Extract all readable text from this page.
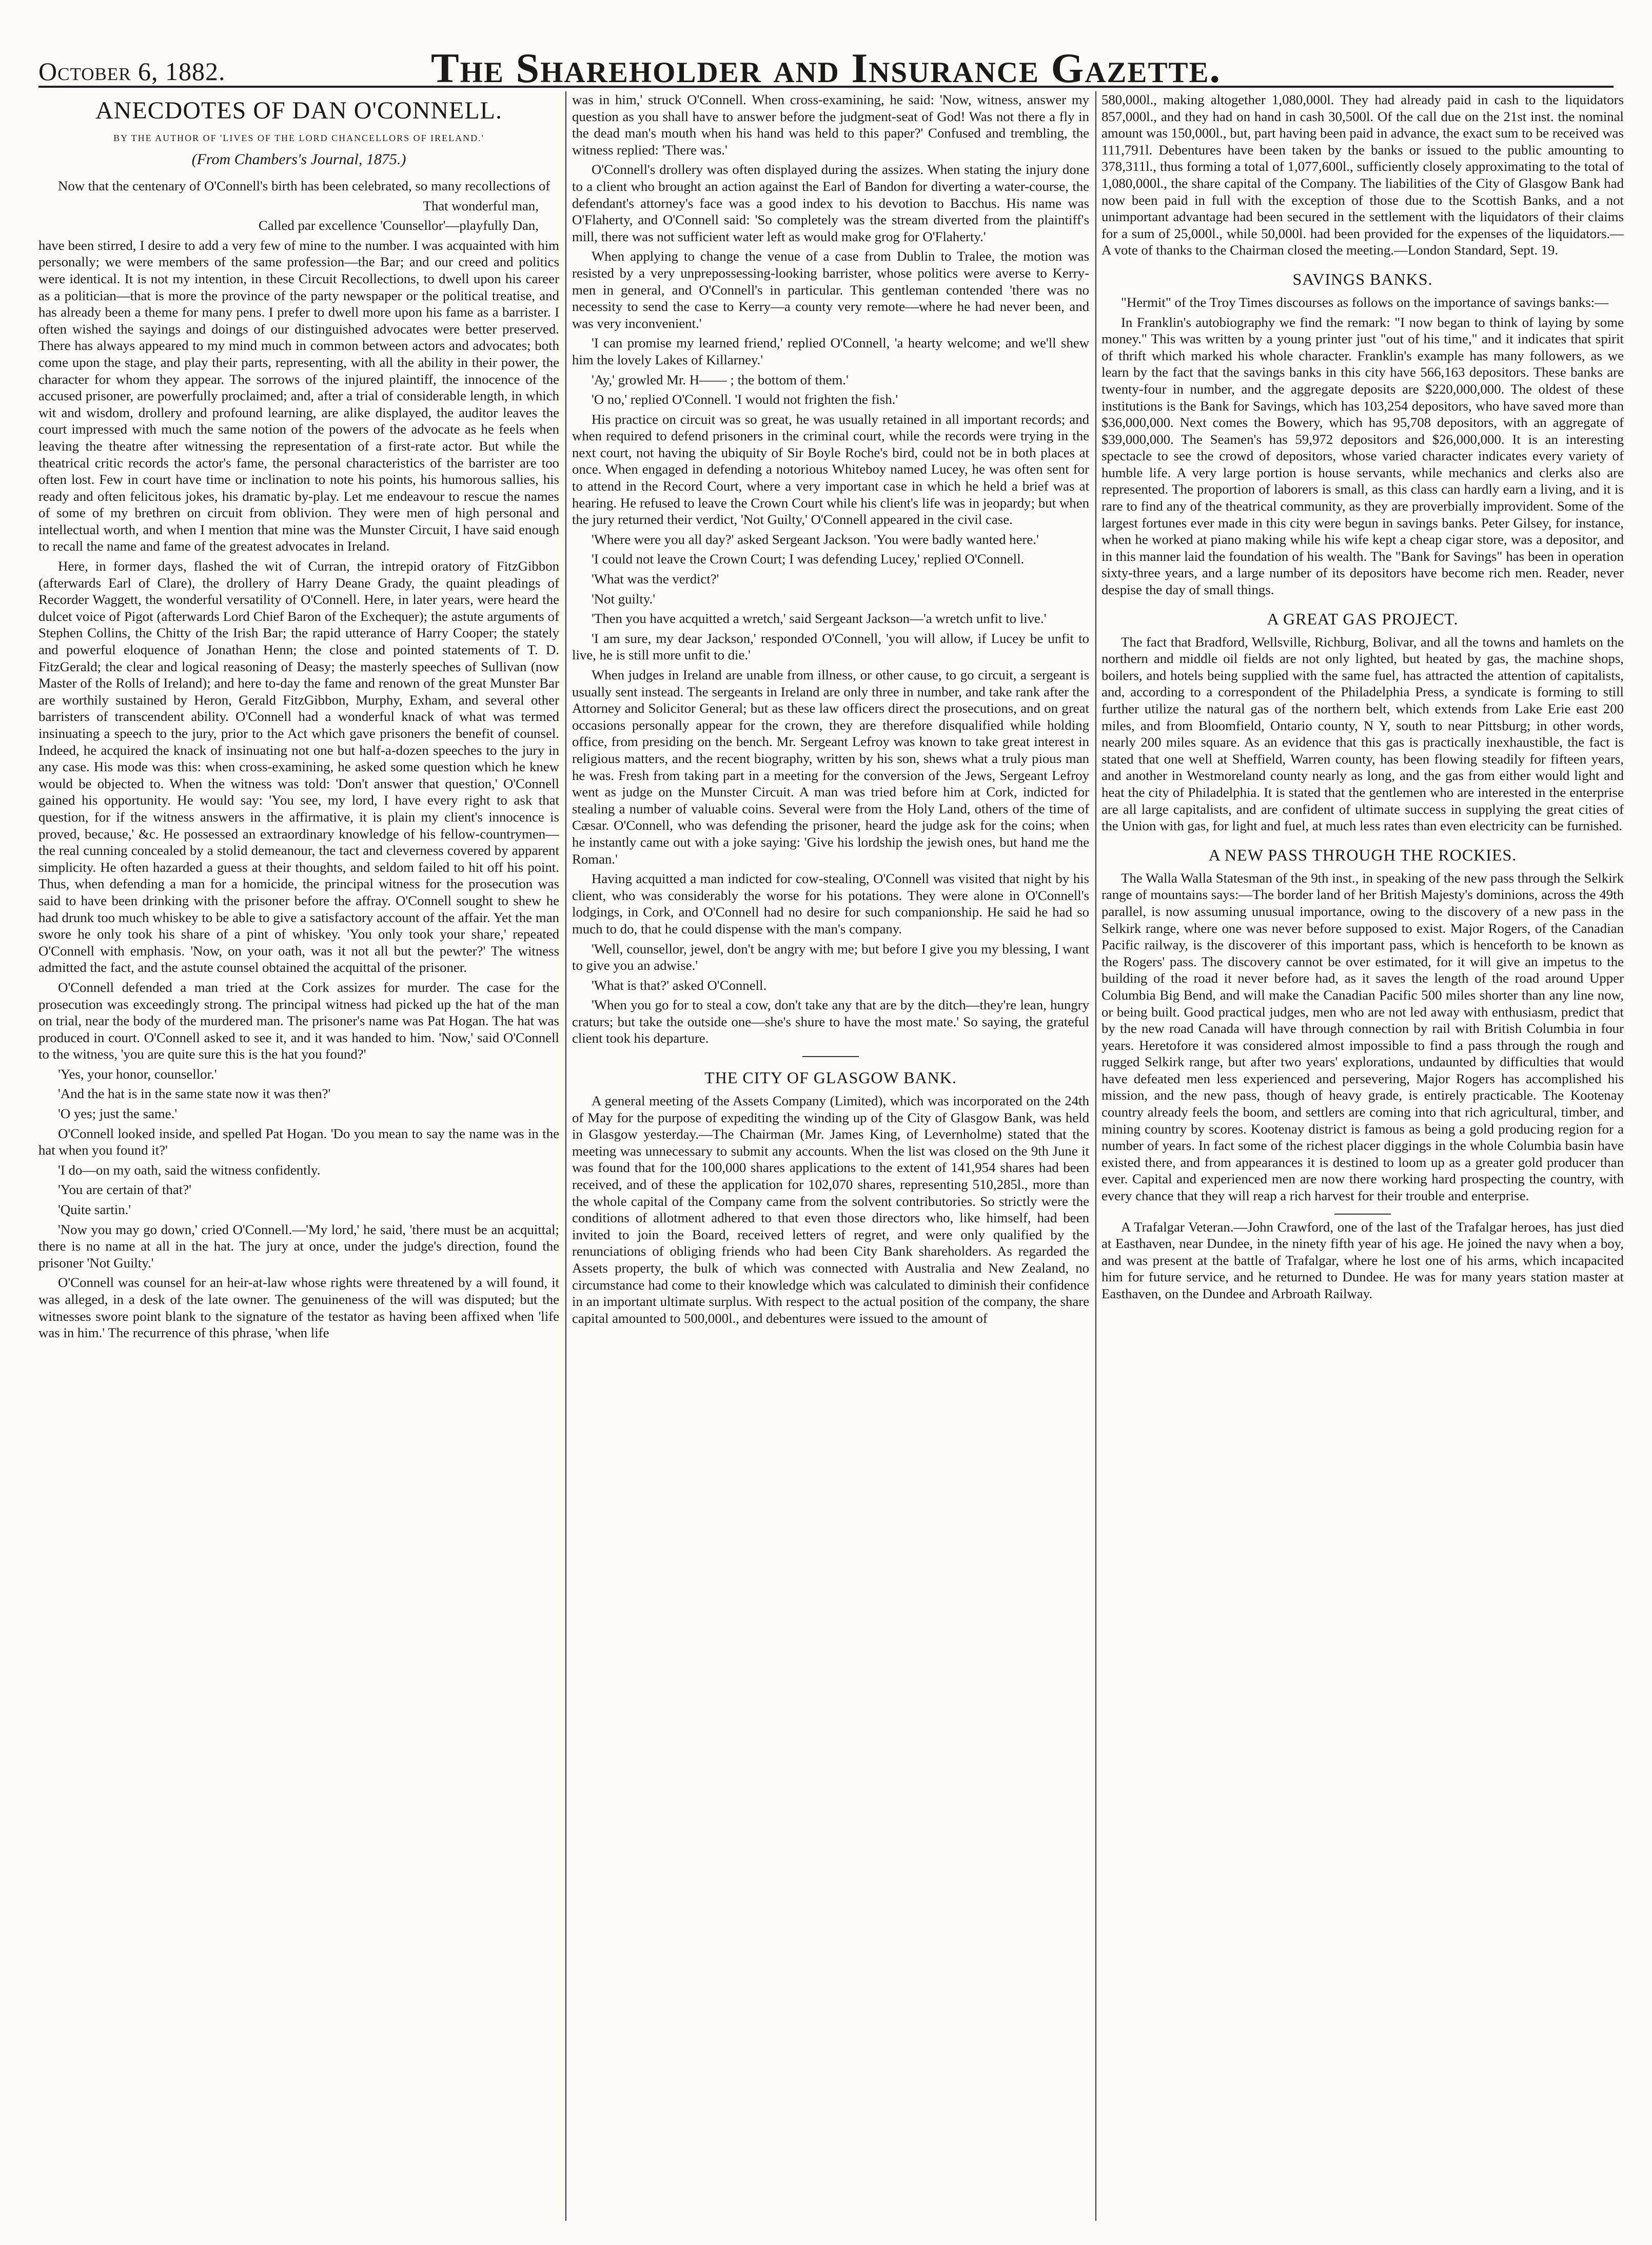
October 6, 1882.	The Shareholder and Insurance Gazette.
ANECDOTES OF DAN O'CONNELL.
BY THE AUTHOR OF 'LIVES OF THE LORD CHANCELLORS OF IRELAND.'
(From Chambers's Journal, 1875.)

Now that the centenary of O'Connell's birth has been celebrated, so many recollections of

That wonderful man,
Called par excellence 'Counsellor'—playfully Dan,

have been stirred, I desire to add a very few of mine to the number. I was acquainted with him personally; we were members of the same profession—the Bar; and our creed and politics were identical. It is not my intention, in these Circuit Recollections, to dwell upon his career as a politician—that is more the province of the party newspaper or the political treatise, and has already been a theme for many pens. I prefer to dwell more upon his fame as a barrister. I often wished the sayings and doings of our distinguished advocates were better preserved. There has always appeared to my mind much in common between actors and advocates; both come upon the stage, and play their parts, representing, with all the ability in their power, the character for whom they appear. The sorrows of the injured plaintiff, the innocence of the accused prisoner, are powerfully proclaimed; and, after a trial of considerable length, in which wit and wisdom, drollery and profound learning, are alike displayed, the auditor leaves the court impressed with much the same notion of the powers of the advocate as he feels when leaving the theatre after witnessing the representation of a first-rate actor. But while the theatrical critic records the actor's fame, the personal characteristics of the barrister are too often lost. Few in court have time or inclination to note his points, his humorous sallies, his ready and often felicitous jokes, his dramatic by-play. Let me endeavour to rescue the names of some of my brethren on circuit from oblivion. They were men of high personal and intellectual worth, and when I mention that mine was the Munster Circuit, I have said enough to recall the name and fame of the greatest advocates in Ireland.

Here, in former days, flashed the wit of Curran, the intrepid oratory of FitzGibbon (afterwards Earl of Clare), the drollery of Harry Deane Grady, the quaint pleadings of Recorder Waggett, the wonderful versatility of O'Connell. Here, in later years, were heard the dulcet voice of Pigot (afterwards Lord Chief Baron of the Exchequer); the astute arguments of Stephen Collins, the Chitty of the Irish Bar; the rapid utterance of Harry Cooper; the stately and powerful eloquence of Jonathan Henn; the close and pointed statements of T. D. FitzGerald; the clear and logical reasoning of Deasy; the masterly speeches of Sullivan (now Master of the Rolls of Ireland); and here to-day the fame and renown of the great Munster Bar are worthily sustained by Heron, Gerald FitzGibbon, Murphy, Exham, and several other barristers of transcendent ability. O'Connell had a wonderful knack of what was termed insinuating a speech to the jury, prior to the Act which gave prisoners the benefit of counsel. Indeed, he acquired the knack of insinuating not one but half-a-dozen speeches to the jury in any case. His mode was this: when cross-examining, he asked some question which he knew would be objected to. When the witness was told: 'Don't answer that question,' O'Connell gained his opportunity. He would say: 'You see, my lord, I have every right to ask that question, for if the witness answers in the affirmative, it is plain my client's innocence is proved, because,' &c. He possessed an extraordinary knowledge of his fellow-countrymen—the real cunning concealed by a stolid demeanour, the tact and cleverness covered by apparent simplicity. He often hazarded a guess at their thoughts, and seldom failed to hit off his point. Thus, when defending a man for a homicide, the principal witness for the prosecution was said to have been drinking with the prisoner before the affray. O'Connell sought to shew he had drunk too much whiskey to be able to give a satisfactory account of the affair. Yet the man swore he only took his share of a pint of whiskey. 'You only took your share,' repeated O'Connell with emphasis. 'Now, on your oath, was it not all but the pewter?' The witness admitted the fact, and the astute counsel obtained the acquittal of the prisoner.

O'Connell defended a man tried at the Cork assizes for murder. The case for the prosecution was exceedingly strong. The principal witness had picked up the hat of the man on trial, near the body of the murdered man. The prisoner's name was Pat Hogan. The hat was produced in court. O'Connell asked to see it, and it was handed to him. 'Now,' said O'Connell to the witness, 'you are quite sure this is the hat you found?'

'Yes, your honor, counsellor.'

'And the hat is in the same state now it was then?'

'O yes; just the same.'

O'Connell looked inside, and spelled Pat Hogan. 'Do you mean to say the name was in the hat when you found it?'

'I do—on my oath, said the witness confidently.

'You are certain of that?'

'Quite sartin.'

'Now you may go down,' cried O'Connell.—'My lord,' he said, 'there must be an acquittal; there is no name at all in the hat. The jury at once, under the judge's direction, found the prisoner 'Not Guilty.'

O'Connell was counsel for an heir-at-law whose rights were threatened by a will found, it was alleged, in a desk of the late owner. The genuineness of the will was disputed; but the witnesses swore point blank to the signature of the testator as having been affixed when 'life was in him.' The recurrence of this phrase, 'when life

was in him,' struck O'Connell. When cross-examining, he said: 'Now, witness, answer my question as you shall have to answer before the judgment-seat of God! Was not there a fly in the dead man's mouth when his hand was held to this paper?' Confused and trembling, the witness replied: 'There was.'

O'Connell's drollery was often displayed during the assizes. When stating the injury done to a client who brought an action against the Earl of Bandon for diverting a water-course, the defendant's attorney's face was a good index to his devotion to Bacchus. His name was O'Flaherty, and O'Connell said: 'So completely was the stream diverted from the plaintiff's mill, there was not sufficient water left as would make grog for O'Flaherty.'

When applying to change the venue of a case from Dublin to Tralee, the motion was resisted by a very unprepossessing-looking barrister, whose politics were averse to Kerry-men in general, and O'Connell's in particular. This gentleman contended 'there was no necessity to send the case to Kerry—a county very remote—where he had never been, and was very inconvenient.'

'I can promise my learned friend,' replied O'Connell, 'a hearty welcome; and we'll shew him the lovely Lakes of Killarney.'

'Ay,' growled Mr. H—— ; the bottom of them.'

'O no,' replied O'Connell. 'I would not frighten the fish.'

His practice on circuit was so great, he was usually retained in all important records; and when required to defend prisoners in the criminal court, while the records were trying in the next court, not having the ubiquity of Sir Boyle Roche's bird, could not be in both places at once. When engaged in defending a notorious Whiteboy named Lucey, he was often sent for to attend in the Record Court, where a very important case in which he held a brief was at hearing. He refused to leave the Crown Court while his client's life was in jeopardy; but when the jury returned their verdict, 'Not Guilty,' O'Connell appeared in the civil case.

'Where were you all day?' asked Sergeant Jackson. 'You were badly wanted here.'

'I could not leave the Crown Court; I was defending Lucey,' replied O'Connell.

'What was the verdict?'

'Not guilty.'

'Then you have acquitted a wretch,' said Sergeant Jackson—'a wretch unfit to live.'

'I am sure, my dear Jackson,' responded O'Connell, 'you will allow, if Lucey be unfit to live, he is still more unfit to die.'

When judges in Ireland are unable from illness, or other cause, to go circuit, a sergeant is usually sent instead. The sergeants in Ireland are only three in number, and take rank after the Attorney and Solicitor General; but as these law officers direct the prosecutions, and on great occasions personally appear for the crown, they are therefore disqualified while holding office, from presiding on the bench. Mr. Sergeant Lefroy was known to take great interest in religious matters, and the recent biography, written by his son, shews what a truly pious man he was. Fresh from taking part in a meeting for the conversion of the Jews, Sergeant Lefroy went as judge on the Munster Circuit. A man was tried before him at Cork, indicted for stealing a number of valuable coins. Several were from the Holy Land, others of the time of Cæsar. O'Connell, who was defending the prisoner, heard the judge ask for the coins; when he instantly came out with a joke saying: 'Give his lordship the jewish ones, but hand me the Roman.'

Having acquitted a man indicted for cow-stealing, O'Connell was visited that night by his client, who was considerably the worse for his potations. They were alone in O'Connell's lodgings, in Cork, and O'Connell had no desire for such companionship. He said he had so much to do, that he could dispense with the man's company.

'Well, counsellor, jewel, don't be angry with me; but before I give you my blessing, I want to give you an adwise.'

'What is that?' asked O'Connell.

'When you go for to steal a cow, don't take any that are by the ditch—they're lean, hungry craturs; but take the outside one—she's shure to have the most mate.' So saying, the grateful client took his departure.

THE CITY OF GLASGOW BANK.

A general meeting of the Assets Company (Limited), which was incorporated on the 24th of May for the purpose of expediting the winding up of the City of Glasgow Bank, was held in Glasgow yesterday.—The Chairman (Mr. James King, of Levernholme) stated that the meeting was unnecessary to submit any accounts. When the list was closed on the 9th June it was found that for the 100,000 shares applications to the extent of 141,954 shares had been received, and of these the application for 102,070 shares, representing 510,285l., more than the whole capital of the Company came from the solvent contributories. So strictly were the conditions of allotment adhered to that even those directors who, like himself, had been invited to join the Board, received letters of regret, and were only qualified by the renunciations of obliging friends who had been City Bank shareholders. As regarded the Assets property, the bulk of which was connected with Australia and New Zealand, no circumstance had come to their knowledge which was calculated to diminish their confidence in an important ultimate surplus. With respect to the actual position of the company, the share capital amounted to 500,000l., and debentures were issued to the amount of

580,000l., making altogether 1,080,000l. They had already paid in cash to the liquidators 857,000l., and they had on hand in cash 30,500l. Of the call due on the 21st inst. the nominal amount was 150,000l., but, part having been paid in advance, the exact sum to be received was 111,791l. Debentures have been taken by the banks or issued to the public amounting to 378,311l., thus forming a total of 1,077,600l., sufficiently closely approximating to the total of 1,080,000l., the share capital of the Company. The liabilities of the City of Glasgow Bank had now been paid in full with the exception of those due to the Scottish Banks, and a not unimportant advantage had been secured in the settlement with the liquidators of their claims for a sum of 25,000l., while 50,000l. had been provided for the expenses of the liquidators.—A vote of thanks to the Chairman closed the meeting.—London Standard, Sept. 19.

SAVINGS BANKS.

"Hermit" of the Troy Times discourses as follows on the importance of savings banks:—

In Franklin's autobiography we find the remark: "I now began to think of laying by some money." This was written by a young printer just "out of his time," and it indicates that spirit of thrift which marked his whole character. Franklin's example has many followers, as we learn by the fact that the savings banks in this city have 566,163 depositors. These banks are twenty-four in number, and the aggregate deposits are $220,000,000. The oldest of these institutions is the Bank for Savings, which has 103,254 depositors, who have saved more than $36,000,000. Next comes the Bowery, which has 95,708 depositors, with an aggregate of $39,000,000. The Seamen's has 59,972 depositors and $26,000,000. It is an interesting spectacle to see the crowd of depositors, whose varied character indicates every variety of humble life. A very large portion is house servants, while mechanics and clerks also are represented. The proportion of laborers is small, as this class can hardly earn a living, and it is rare to find any of the theatrical community, as they are proverbially improvident. Some of the largest fortunes ever made in this city were begun in savings banks. Peter Gilsey, for instance, when he worked at piano making while his wife kept a cheap cigar store, was a depositor, and in this manner laid the foundation of his wealth. The "Bank for Savings" has been in operation sixty-three years, and a large number of its depositors have become rich men. Reader, never despise the day of small things.

A GREAT GAS PROJECT.

The fact that Bradford, Wellsville, Richburg, Bolivar, and all the towns and hamlets on the northern and middle oil fields are not only lighted, but heated by gas, the machine shops, boilers, and hotels being supplied with the same fuel, has attracted the attention of capitalists, and, according to a correspondent of the Philadelphia Press, a syndicate is forming to still further utilize the natural gas of the northern belt, which extends from Lake Erie east 200 miles, and from Bloomfield, Ontario county, N Y, south to near Pittsburg; in other words, nearly 200 miles square. As an evidence that this gas is practically inexhaustible, the fact is stated that one well at Sheffield, Warren county, has been flowing steadily for fifteen years, and another in Westmoreland county nearly as long, and the gas from either would light and heat the city of Philadelphia. It is stated that the gentlemen who are interested in the enterprise are all large capitalists, and are confident of ultimate success in supplying the great cities of the Union with gas, for light and fuel, at much less rates than even electricity can be furnished.

A NEW PASS THROUGH THE ROCKIES.

The Walla Walla Statesman of the 9th inst., in speaking of the new pass through the Selkirk range of mountains says:—The border land of her British Majesty's dominions, across the 49th parallel, is now assuming unusual importance, owing to the discovery of a new pass in the Selkirk range, where one was never before supposed to exist. Major Rogers, of the Canadian Pacific railway, is the discoverer of this important pass, which is henceforth to be known as the Rogers' pass. The discovery cannot be over estimated, for it will give an impetus to the building of the road it never before had, as it saves the length of the road around Upper Columbia Big Bend, and will make the Canadian Pacific 500 miles shorter than any line now, or being built. Good practical judges, men who are not led away with enthusiasm, predict that by the new road Canada will have through connection by rail with British Columbia in four years. Heretofore it was considered almost impossible to find a pass through the rough and rugged Selkirk range, but after two years' explorations, undaunted by difficulties that would have defeated men less experienced and persevering, Major Rogers has accomplished his mission, and the new pass, though of heavy grade, is entirely practicable. The Kootenay country already feels the boom, and settlers are coming into that rich agricultural, timber, and mining country by scores. Kootenay district is famous as being a gold producing region for a number of years. In fact some of the richest placer diggings in the whole Columbia basin have existed there, and from appearances it is destined to loom up as a greater gold producer than ever. Capital and experienced men are now there working hard prospecting the country, with every chance that they will reap a rich harvest for their trouble and enterprise.

A Trafalgar Veteran.—John Crawford, one of the last of the Trafalgar heroes, has just died at Easthaven, near Dundee, in the ninety fifth year of his age. He joined the navy when a boy, and was present at the battle of Trafalgar, where he lost one of his arms, which incapacited him for future service, and he returned to Dundee. He was for many years station master at Easthaven, on the Dundee and Arbroath Railway.
